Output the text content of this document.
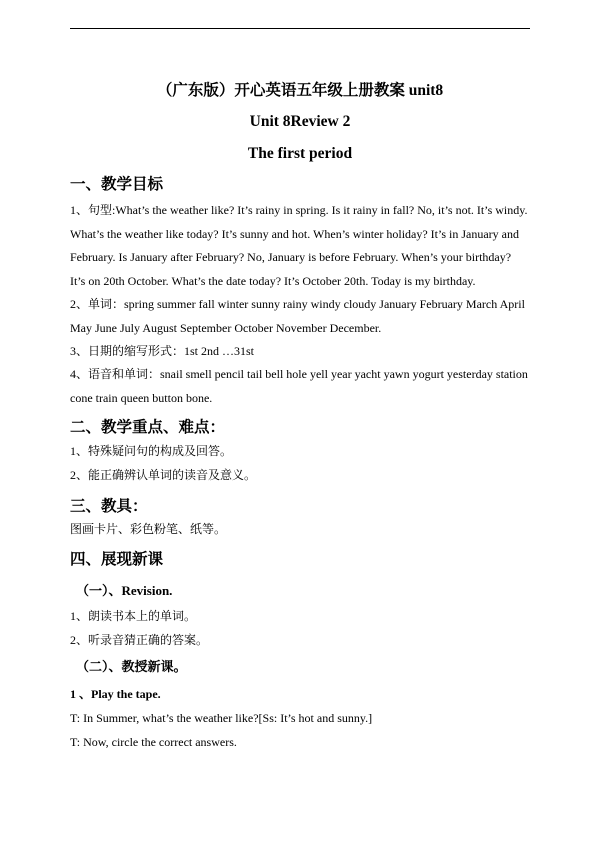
（广东版）开心英语五年级上册教案 unit8
Unit 8Review 2
The first period
一、教学目标
1、句型:What’s the weather like? It’s rainy in spring. Is it rainy in fall? No, it’s not. It’s windy.
What’s the weather like today? It’s sunny and hot. When’s winter holiday? It’s in January and
February. Is January after February? No, January is before February. When’s your birthday?
It’s on 20th October. What’s the date today? It’s October 20th. Today is my birthday.
2、单词：spring summer fall winter sunny rainy windy cloudy January February March April
May June July August September October November December.
3、日期的缩写形式：1st 2nd …31st
4、语音和单词：snail smell pencil tail bell hole yell year yacht yawn yogurt yesterday station
cone train queen button bone.
二、教学重点、难点：
1、特殊疑问句的构成及回答。
2、能正确辨认单词的读音及意义。
三、教具：
图画卡片、彩色粉笔、纸等。
四、展现新课
（一）、Revision.
1、朗读书本上的单词。
2、听录音猜正确的答案。
（二）、教授新课。
1 、Play the tape.
T: In Summer, what’s the weather like?[Ss: It’s hot and sunny.]
T: Now, circle the correct answers.
